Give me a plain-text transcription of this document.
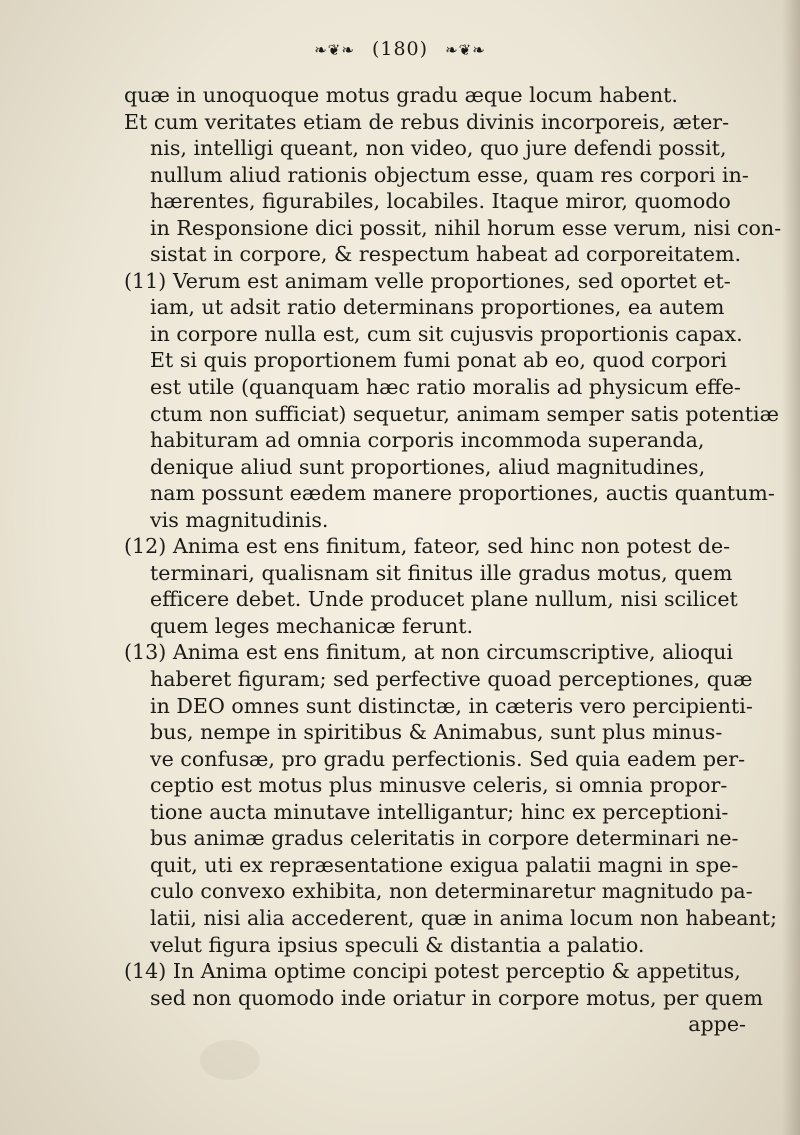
❧❦❧ (180) ❧❦❧
quæ in unoquoque motus gradu æque locum habent.
Et cum veritates etiam de rebus divinis incorporeis, æter-
nis, intelligi queant, non video, quo jure defendi possit,
nullum aliud rationis objectum esse, quam res corpori in-
hærentes, figurabiles, locabiles. Itaque miror, quomodo
in Responsione dici possit, nihil horum esse verum, nisi con-
sistat in corpore, & respectum habeat ad corporeitatem.
(11) Verum est animam velle proportiones, sed oportet et-
iam, ut adsit ratio determinans proportiones, ea autem
in corpore nulla est, cum sit cujusvis proportionis capax.
Et si quis proportionem fumi ponat ab eo, quod corpori
est utile (quanquam hæc ratio moralis ad physicum effe-
ctum non sufficiat) sequetur, animam semper satis potentiæ
habituram ad omnia corporis incommoda superanda,
denique aliud sunt proportiones, aliud magnitudines,
nam possunt eædem manere proportiones, auctis quantum-
vis magnitudinis.
(12) Anima est ens finitum, fateor, sed hinc non potest de-
terminari, qualisnam sit finitus ille gradus motus, quem
efficere debet. Unde producet plane nullum, nisi scilicet
quem leges mechanicæ ferunt.
(13) Anima est ens finitum, at non circumscriptive, alioqui
haberet figuram; sed perfective quoad perceptiones, quæ
in DEO omnes sunt distinctæ, in cæteris vero percipienti-
bus, nempe in spiritibus & Animabus, sunt plus minus-
ve confusæ, pro gradu perfectionis. Sed quia eadem per-
ceptio est motus plus minusve celeris, si omnia propor-
tione aucta minutave intelligantur; hinc ex perceptioni-
bus animæ gradus celeritatis in corpore determinari ne-
quit, uti ex repræsentatione exigua palatii magni in spe-
culo convexo exhibita, non determinaretur magnitudo pa-
latii, nisi alia accederent, quæ in anima locum non habeant;
velut figura ipsius speculi & distantia a palatio.
(14) In Anima optime concipi potest perceptio & appetitus,
sed non quomodo inde oriatur in corpore motus, per quem
appe-
